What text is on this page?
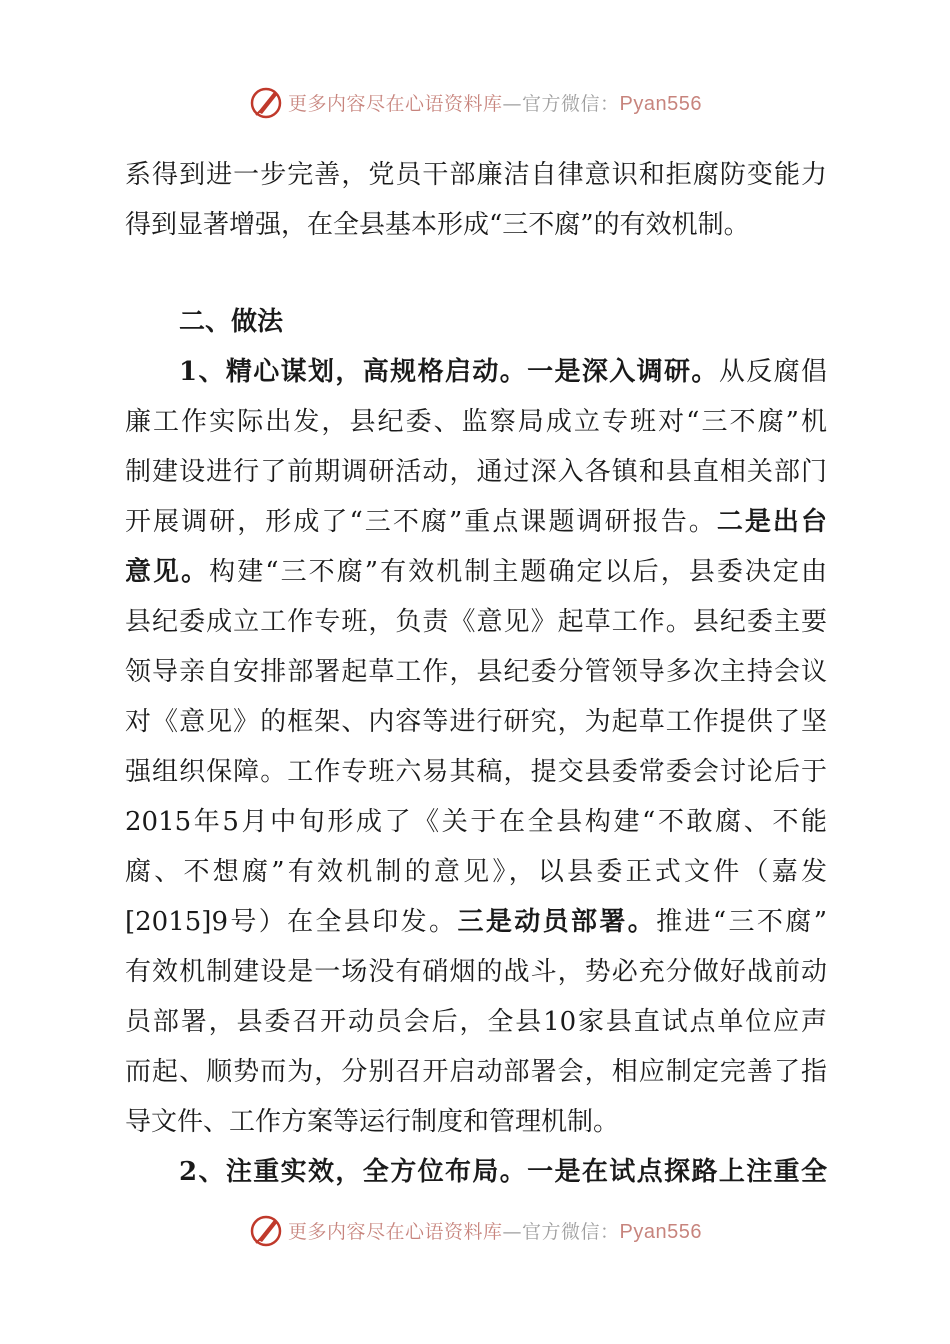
更多内容尽在心语资料库—官方微信：Pyan556
系得到进一步完善，党员干部廉洁自律意识和拒腐防变能力
得到显著增强，在全县基本形成“三不腐”的有效机制。
二、做法
1、精心谋划，高规格启动。一是深入调研。从反腐倡
廉工作实际出发，县纪委、监察局成立专班对“三不腐”机
制建设进行了前期调研活动，通过深入各镇和县直相关部门
开展调研，形成了“三不腐”重点课题调研报告。二是出台
意见。构建“三不腐”有效机制主题确定以后，县委决定由
县纪委成立工作专班，负责《意见》起草工作。县纪委主要
领导亲自安排部署起草工作，县纪委分管领导多次主持会议
对《意见》的框架、内容等进行研究，为起草工作提供了坚
强组织保障。工作专班六易其稿，提交县委常委会讨论后于
2015年5月中旬形成了《关于在全县构建“不敢腐、不能
腐、不想腐”有效机制的意见》，以县委正式文件（嘉发
[2015]9号）在全县印发。三是动员部署。推进“三不腐”
有效机制建设是一场没有硝烟的战斗，势必充分做好战前动
员部署，县委召开动员会后，全县10家县直试点单位应声
而起、顺势而为，分别召开启动部署会，相应制定完善了指
导文件、工作方案等运行制度和管理机制。
2、注重实效，全方位布局。一是在试点探路上注重全
更多内容尽在心语资料库—官方微信：Pyan556
